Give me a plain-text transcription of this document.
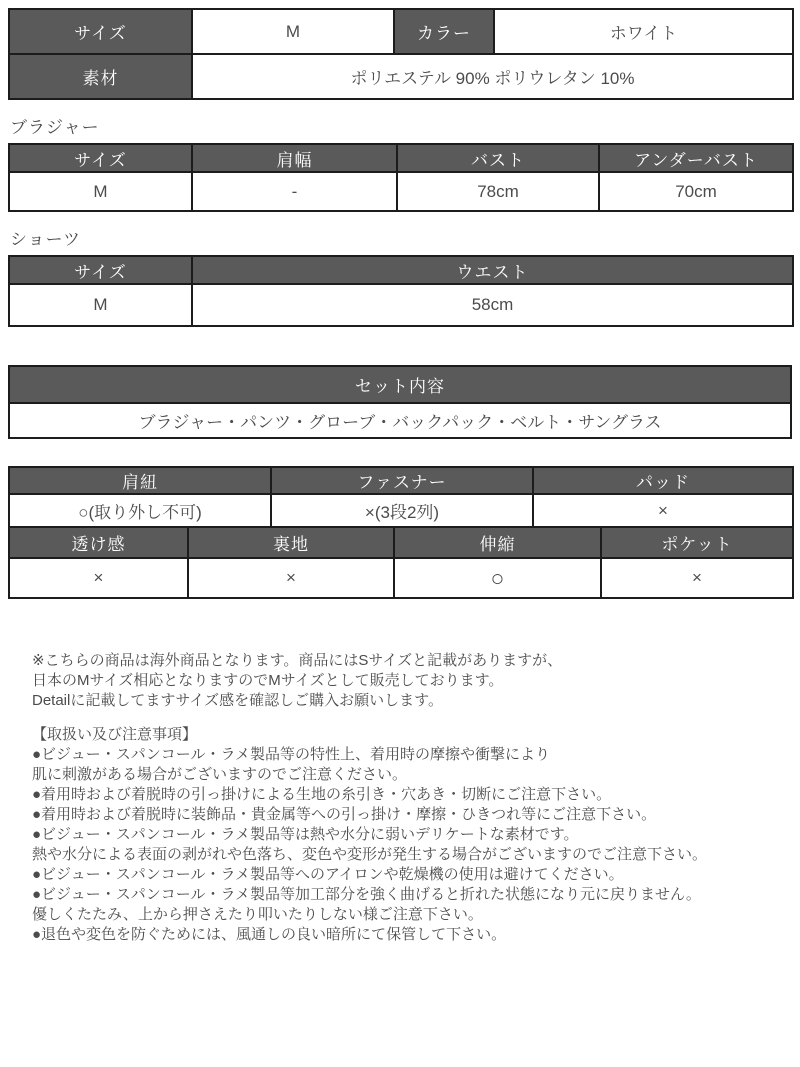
サイズ	M	カラー	ホワイト
素材	ポリエステル 90% ポリウレタン 10%		
ブラジャー
サイズ	肩幅	バスト	アンダーバスト
M	-	78cm	70cm
ショーツ
サイズ	ウエスト
M	58cm
セット内容
ブラジャー・パンツ・グローブ・バックパック・ベルト・サングラス
肩紐	ファスナー	パッド
○(取り外し不可)	×(3段2列)	×
透け感	裏地	伸縮	ポケット
×	×	○	×
※こちらの商品は海外商品となります。商品にはSサイズと記載がありますが、
日本のMサイズ相応となりますのでMサイズとして販売しております。
Detailに記載してますサイズ感を確認しご購入お願いします。
【取扱い及び注意事項】
●ビジュー・スパンコール・ラメ製品等の特性上、着用時の摩擦や衝撃により
肌に刺激がある場合がございますのでご注意ください。
●着用時および着脱時の引っ掛けによる生地の糸引き・穴あき・切断にご注意下さい。
●着用時および着脱時に装飾品・貴金属等への引っ掛け・摩擦・ひきつれ等にご注意下さい。
●ビジュー・スパンコール・ラメ製品等は熱や水分に弱いデリケートな素材です。
熱や水分による表面の剥がれや色落ち、変色や変形が発生する場合がございますのでご注意下さい。
●ビジュー・スパンコール・ラメ製品等へのアイロンや乾燥機の使用は避けてください。
●ビジュー・スパンコール・ラメ製品等加工部分を強く曲げると折れた状態になり元に戻りません。
優しくたたみ、上から押さえたり叩いたりしない様ご注意下さい。
●退色や変色を防ぐためには、風通しの良い暗所にて保管して下さい。
